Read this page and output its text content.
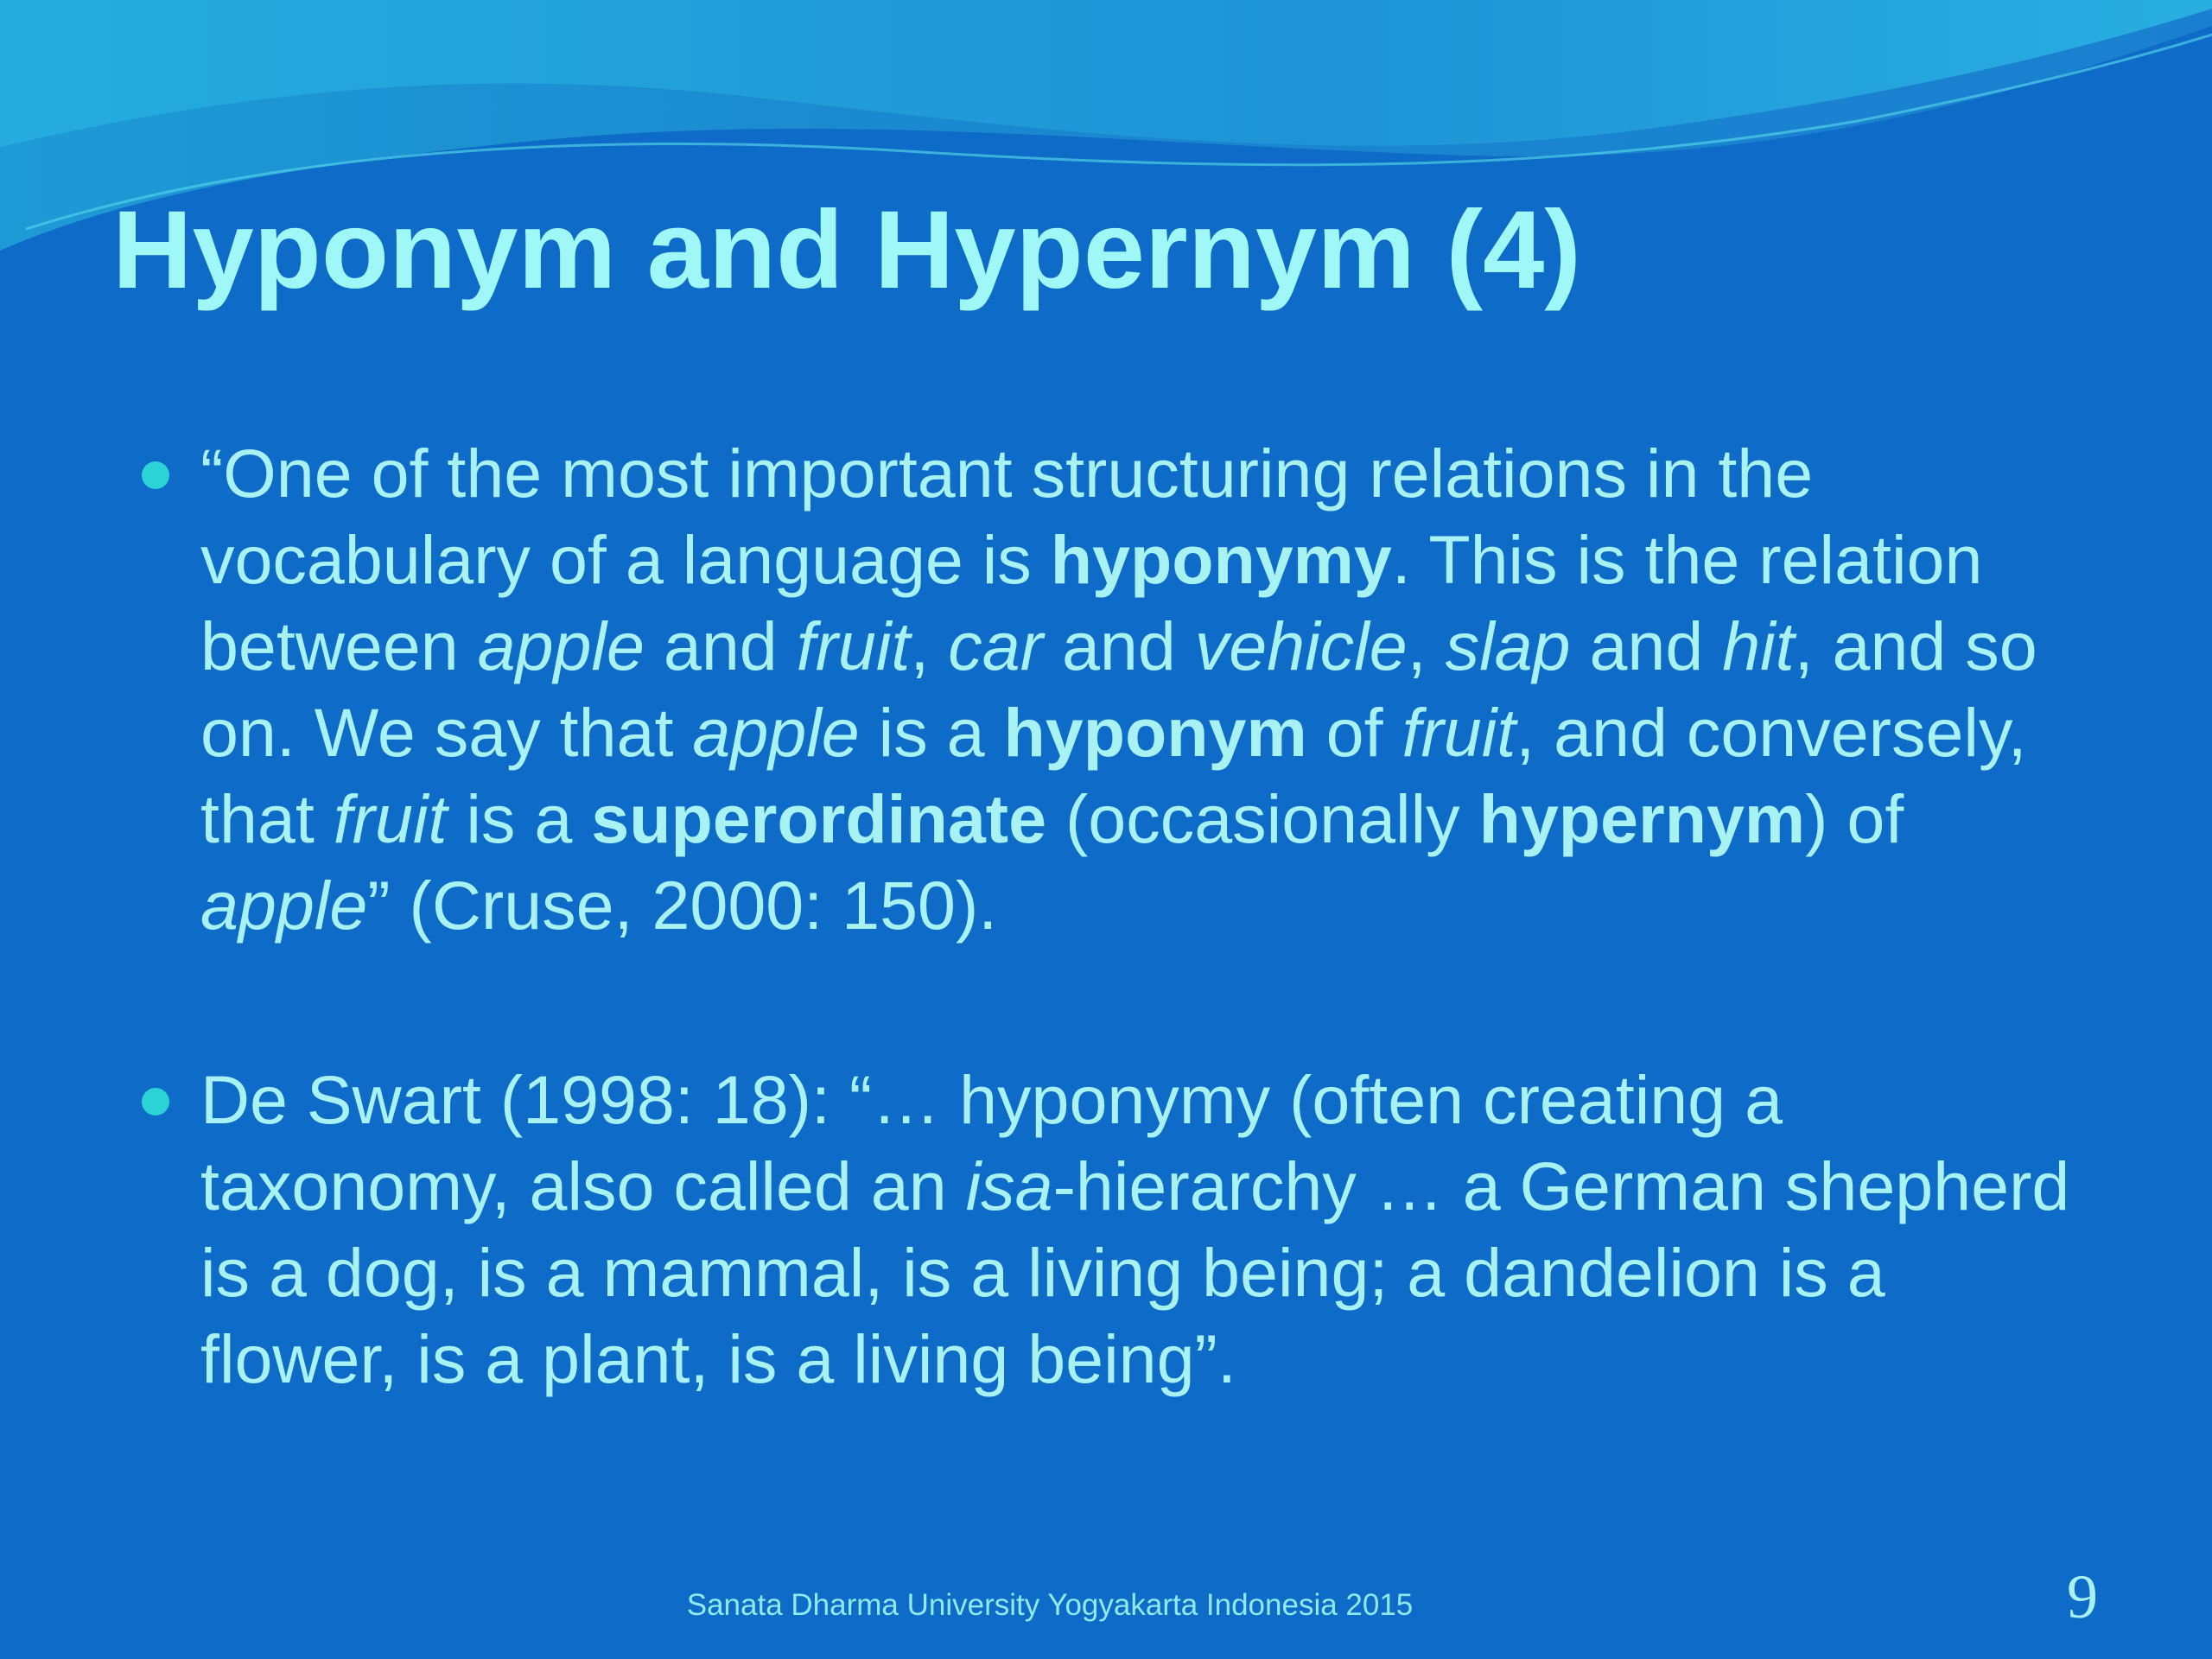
Hyponym and Hypernym (4)
“One of the most important structuring relations in the vocabulary of a language is hyponymy. This is the relation between apple and fruit, car and vehicle, slap and hit, and so on. We say that apple is a hyponym of fruit, and conversely, that fruit is a superordinate (occasionally hypernym) of apple” (Cruse, 2000: 150).
De Swart (1998: 18): “… hyponymy (often creating a taxonomy, also called an isa-hierarchy … a German shepherd is a dog, is a mammal, is a living being; a dandelion is a flower, is a plant, is a living being”.
Sanata Dharma University Yogyakarta Indonesia 2015	9
